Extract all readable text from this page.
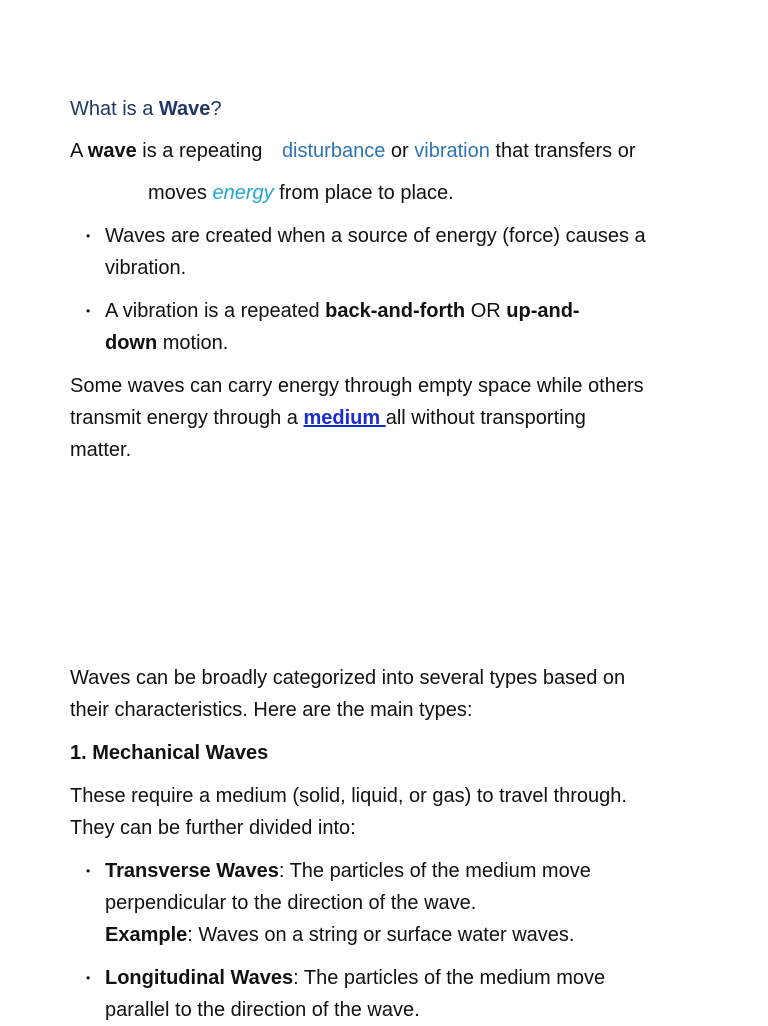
What is a Wave?
A wave is a repeating disturbance or vibration that transfers or
moves energy from place to place.
• Waves are created when a source of energy (force) causes a
vibration.
• A vibration is a repeated back-and-forth OR up-and-
down motion.
Some waves can carry energy through empty space while others
transmit energy through a medium all without transporting
matter.
Waves can be broadly categorized into several types based on
their characteristics. Here are the main types:
1. Mechanical Waves
These require a medium (solid, liquid, or gas) to travel through.
They can be further divided into:
• Transverse Waves: The particles of the medium move
perpendicular to the direction of the wave.
Example: Waves on a string or surface water waves.
• Longitudinal Waves: The particles of the medium move
parallel to the direction of the wave.
